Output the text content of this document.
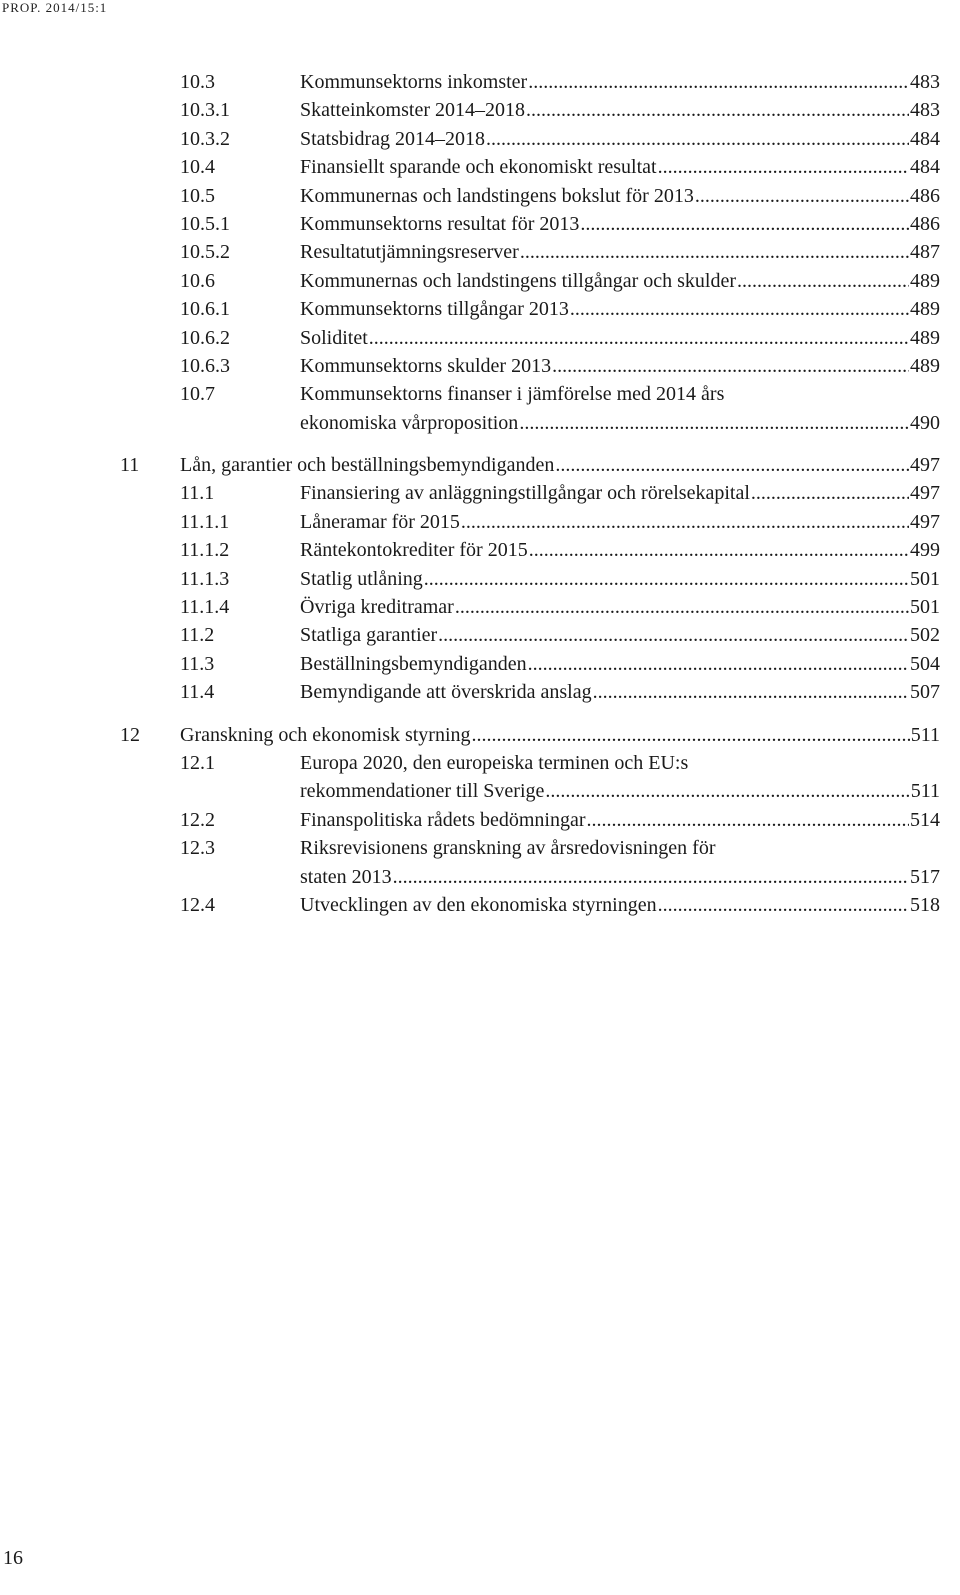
PROP. 2014/15:1
10.3	Kommunsektorns inkomster .....	483
10.3.1	Skatteinkomster 2014–2018 .....	483
10.3.2	Statsbidrag 2014–2018 .....	484
10.4	Finansiellt sparande och ekonomiskt resultat .....	484
10.5	Kommunernas och landstingens bokslut för 2013 .....	486
10.5.1	Kommunsektorns resultat för 2013 .....	486
10.5.2	Resultatutjämningsreserver .....	487
10.6	Kommunernas och landstingens tillgångar och skulder .....	489
10.6.1	Kommunsektorns tillgångar 2013 .....	489
10.6.2	Soliditet .....	489
10.6.3	Kommunsektorns skulder 2013 .....	489
10.7	Kommunsektorns finanser i jämförelse med 2014 års
ekonomiska vårproposition .....	490
11 Lån, garantier och beställningsbemyndiganden .....	497
11.1	Finansiering av anläggningstillgångar och rörelsekapital .....	497
11.1.1	Låneramar för 2015 .....	497
11.1.2	Räntekontokrediter för 2015 .....	499
11.1.3	Statlig utlåning .....	501
11.1.4	Övriga kreditramar .....	501
11.2	Statliga garantier .....	502
11.3	Beställningsbemyndiganden .....	504
11.4	Bemyndigande att överskrida anslag .....	507
12 Granskning och ekonomisk styrning .....	511
12.1	Europa 2020, den europeiska terminen och EU:s
rekommendationer till Sverige .....	511
12.2	Finanspolitiska rådets bedömningar .....	514
12.3	Riksrevisionens granskning av årsredovisningen för
staten 2013 .....	517
12.4	Utvecklingen av den ekonomiska styrningen .....	518
16
